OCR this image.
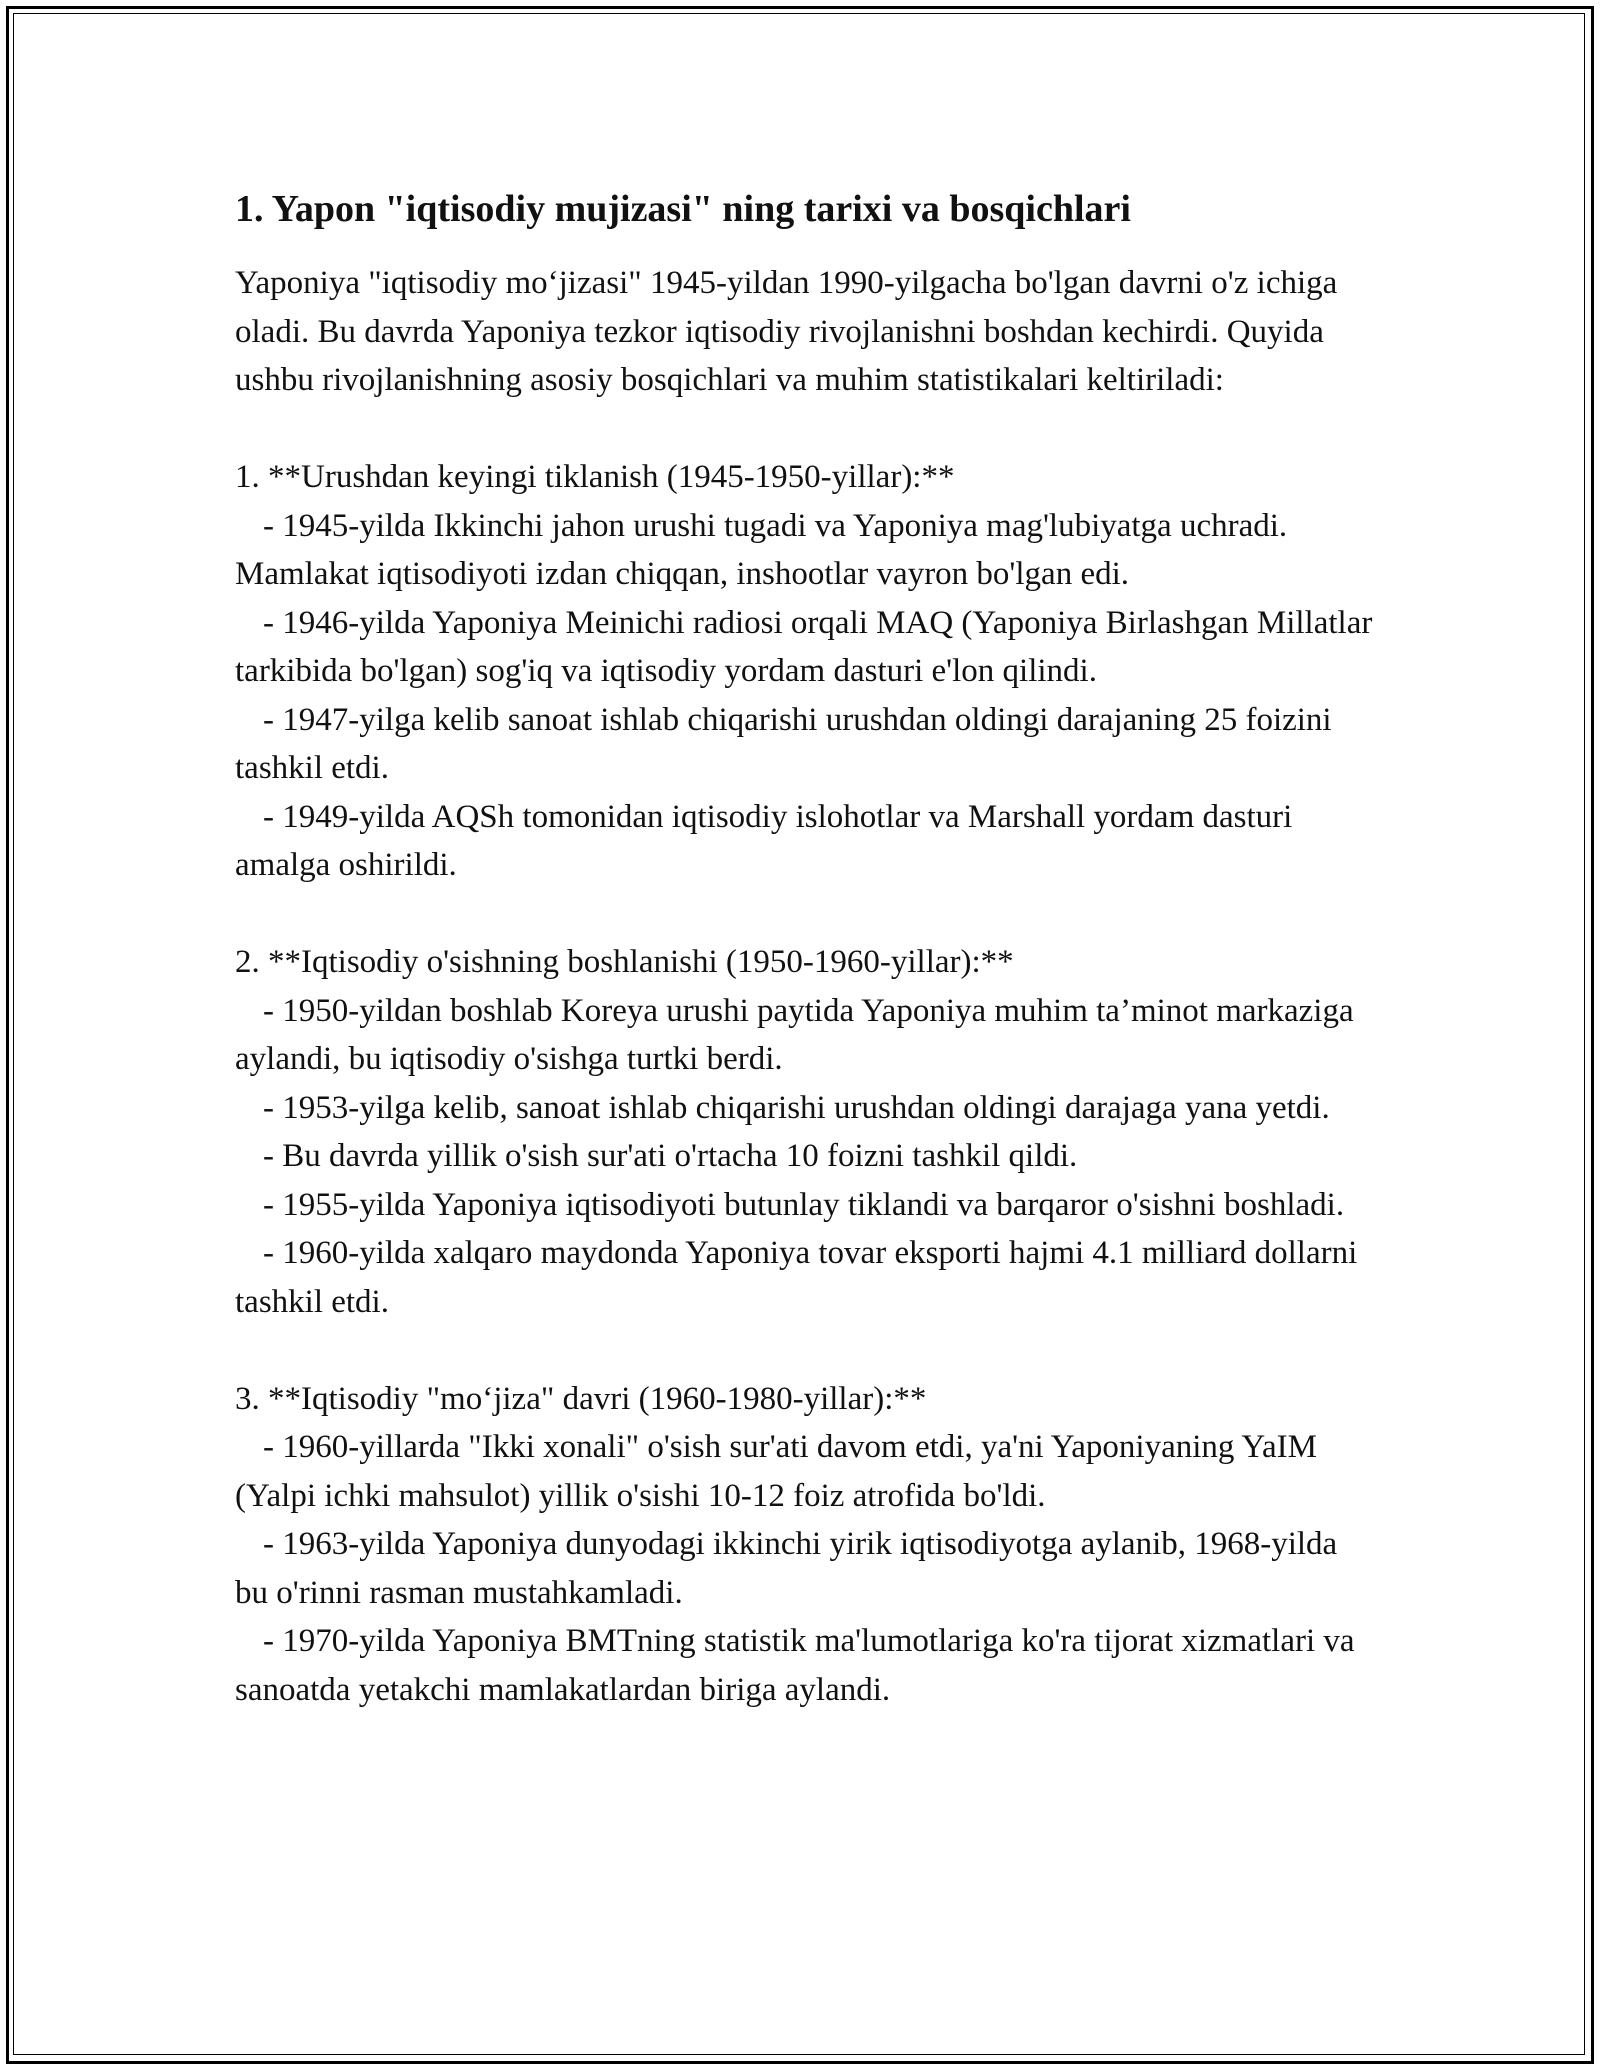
1. Yapon "iqtisodiy mujizasi" ning tarixi va bosqichlari

Yaponiya "iqtisodiy mo‘jizasi" 1945-yildan 1990-yilgacha bo'lgan davrni o'z ichiga oladi. Bu davrda Yaponiya tezkor iqtisodiy rivojlanishni boshdan kechirdi. Quyida ushbu rivojlanishning asosiy bosqichlari va muhim statistikalari keltiriladi:

1. **Urushdan keyingi tiklanish (1945-1950-yillar):**

- 1945-yilda Ikkinchi jahon urushi tugadi va Yaponiya mag'lubiyatga uchradi. Mamlakat iqtisodiyoti izdan chiqqan, inshootlar vayron bo'lgan edi.

- 1946-yilda Yaponiya Meinichi radiosi orqali MAQ (Yaponiya Birlashgan Millatlar tarkibida bo'lgan) sog'iq va iqtisodiy yordam dasturi e'lon qilindi.

- 1947-yilga kelib sanoat ishlab chiqarishi urushdan oldingi darajaning 25 foizini tashkil etdi.

- 1949-yilda AQSh tomonidan iqtisodiy islohotlar va Marshall yordam dasturi amalga oshirildi.

2. **Iqtisodiy o'sishning boshlanishi (1950-1960-yillar):**

- 1950-yildan boshlab Koreya urushi paytida Yaponiya muhim ta’minot markaziga aylandi, bu iqtisodiy o'sishga turtki berdi.

- 1953-yilga kelib, sanoat ishlab chiqarishi urushdan oldingi darajaga yana yetdi.

- Bu davrda yillik o'sish sur'ati o'rtacha 10 foizni tashkil qildi.

- 1955-yilda Yaponiya iqtisodiyoti butunlay tiklandi va barqaror o'sishni boshladi.

- 1960-yilda xalqaro maydonda Yaponiya tovar eksporti hajmi 4.1 milliard dollarni tashkil etdi.

3. **Iqtisodiy "mo‘jiza" davri (1960-1980-yillar):**

- 1960-yillarda "Ikki xonali" o'sish sur'ati davom etdi, ya'ni Yaponiyaning YaIM (Yalpi ichki mahsulot) yillik o'sishi 10-12 foiz atrofida bo'ldi.

- 1963-yilda Yaponiya dunyodagi ikkinchi yirik iqtisodiyotga aylanib, 1968-yilda bu o'rinni rasman mustahkamladi.

- 1970-yilda Yaponiya BMTning statistik ma'lumotlariga ko'ra tijorat xizmatlari va sanoatda yetakchi mamlakatlardan biriga aylandi.
